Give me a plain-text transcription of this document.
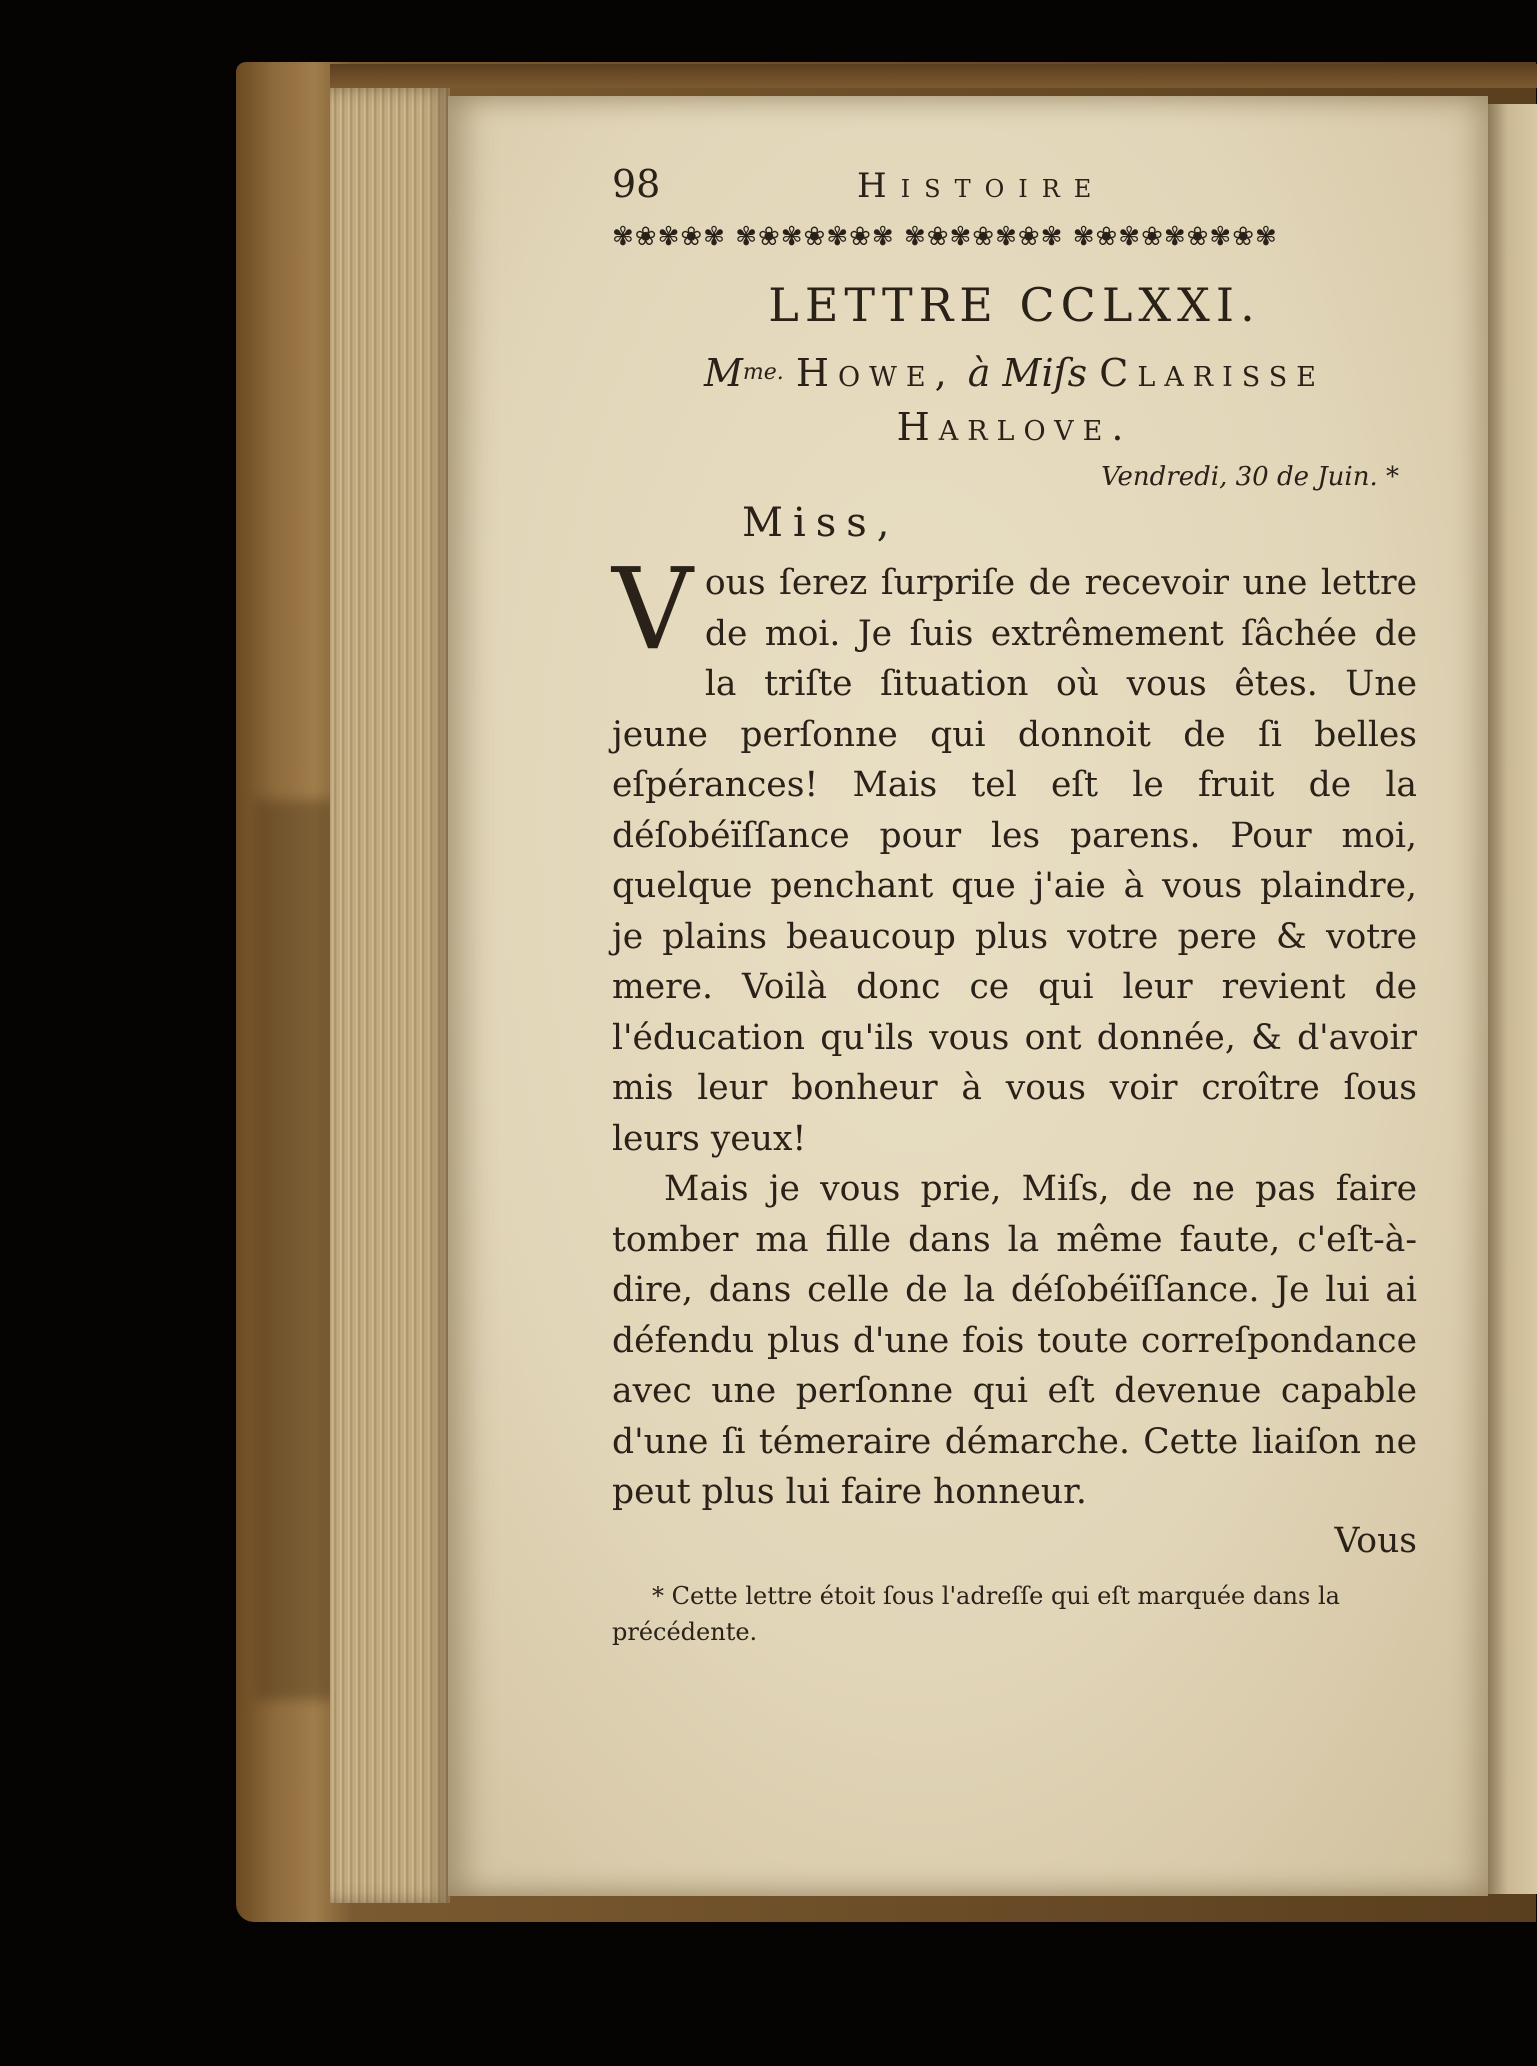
98	Histoire
✾❀✾❀✾ ✾❀✾❀✾❀✾ ✾❀✾❀✾❀✾ ✾❀✾❀✾❀✾❀✾
LETTRE CCLXXI.
$M^{me.}$ Howe, à Miſs Clarisse
Harlove.
Vendredi, 30 de Juin. *
Miss,

Vous ſerez ſurpriſe de recevoir une lettre de moi. Je ſuis extrêmement ſâchée de la triſte ſituation où vous êtes. Une jeune perſonne qui donnoit de ſi belles eſpérances! Mais tel eſt le fruit de la déſobéïſſance pour les parens. Pour moi, quelque penchant que j'aie à vous plaindre, je plains beaucoup plus votre pere & votre mere. Voilà donc ce qui leur revient de l'éducation qu'ils vous ont donnée, & d'avoir mis leur bonheur à vous voir croître ſous leurs yeux!

Mais je vous prie, Miſs, de ne pas faire tomber ma fille dans la même faute, c'eſt-à-dire, dans celle de la déſobéïſſance. Je lui ai défendu plus d'une fois toute correſpondance avec une perſonne qui eſt devenue capable d'une ſi témeraire démarche. Cette liaiſon ne peut plus lui faire honneur.

Vous
* Cette lettre étoit ſous l'adreſſe qui eſt marquée dans la précédente.
